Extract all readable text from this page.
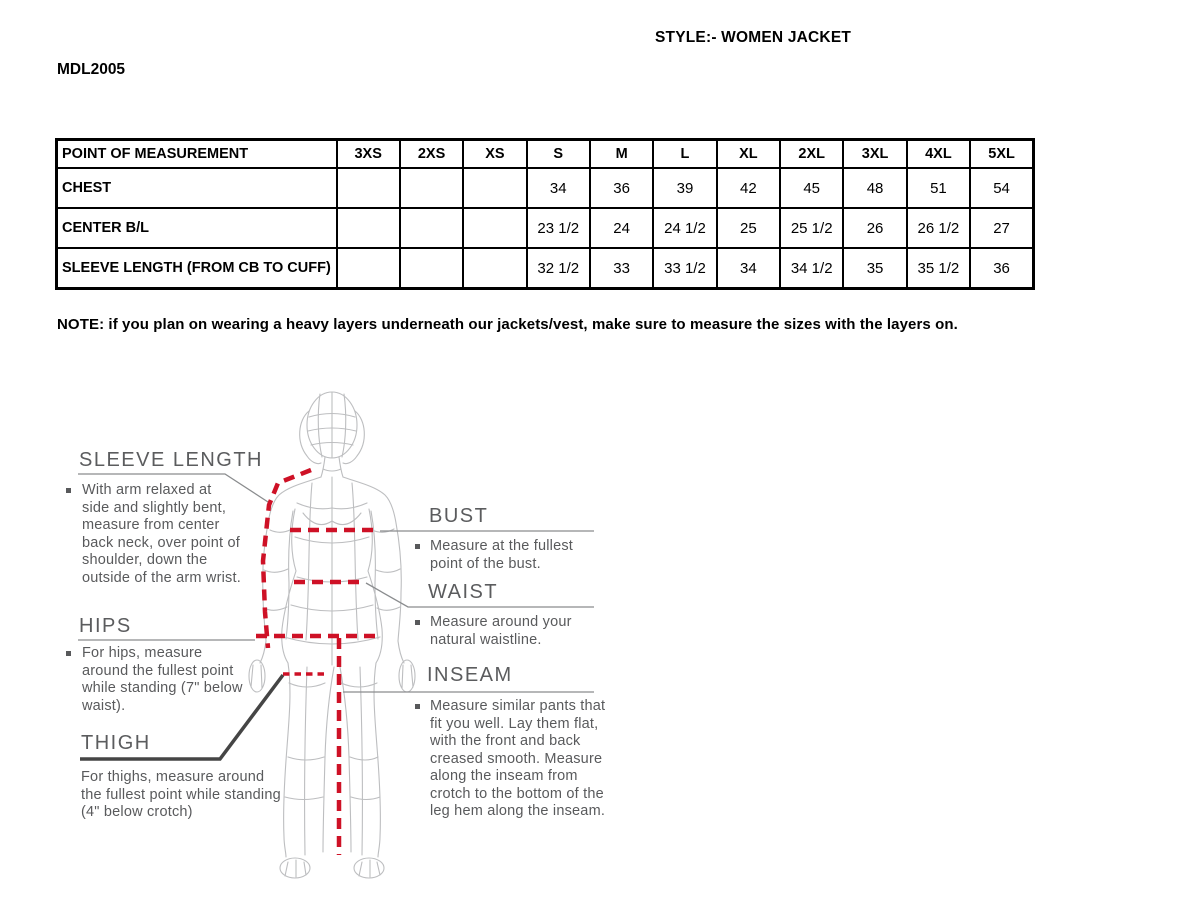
STYLE:- WOMEN JACKET
MDL2005
POINT OF MEASUREMENT	3XS	2XS	XS	S	M	L	XL	2XL	3XL	4XL	5XL
CHEST				34	36	39	42	45	48	51	54
CENTER B/L				23 1/2	24	24 1/2	25	25 1/2	26	26 1/2	27
SLEEVE LENGTH (FROM CB TO CUFF)				32 1/2	33	33 1/2	34	34 1/2	35	35 1/2	36
NOTE: if you plan on wearing a heavy layers underneath our jackets/vest, make sure to measure the sizes with the layers on.
SLEEVE LENGTH
With arm relaxed at side and slightly bent, measure from center back neck, over point of shoulder, down the outside of the arm wrist.
HIPS
For hips, measure around the fullest point while standing (7" below waist).
THIGH
For thighs, measure around the fullest point while standing (4" below crotch)
BUST
Measure at the fullest point of the bust.
WAIST
Measure around your natural waistline.
INSEAM
Measure similar pants that fit you well. Lay them flat, with the front and back creased smooth. Measure along the inseam from crotch to the bottom of the leg hem along the inseam.
